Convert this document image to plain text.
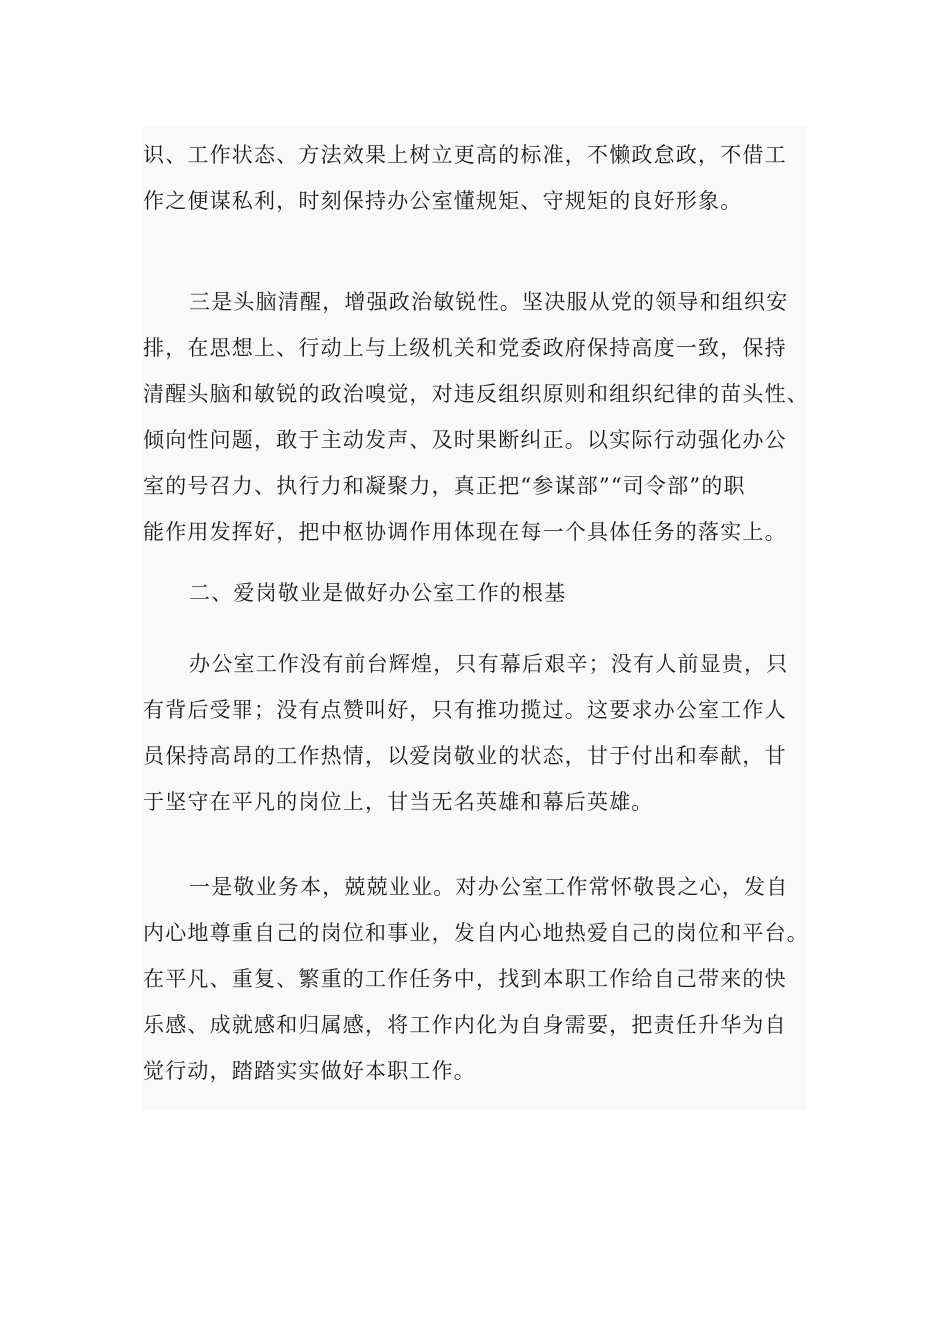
识、工作状态、方法效果上树立更高的标准，不懒政怠政，不借工
作之便谋私利，时刻保持办公室懂规矩、守规矩的良好形象。
三是头脑清醒，增强政治敏锐性。坚决服从党的领导和组织安
排，在思想上、行动上与上级机关和党委政府保持高度一致，保持
清醒头脑和敏锐的政治嗅觉，对违反组织原则和组织纪律的苗头性、
倾向性问题，敢于主动发声、及时果断纠正。以实际行动强化办公
室的号召力、执行力和凝聚力，真正把“参谋部”“司令部”的职
能作用发挥好，把中枢协调作用体现在每一个具体任务的落实上。
二、爱岗敬业是做好办公室工作的根基
办公室工作没有前台辉煌，只有幕后艰辛；没有人前显贵，只
有背后受罪；没有点赞叫好，只有推功揽过。这要求办公室工作人
员保持高昂的工作热情，以爱岗敬业的状态，甘于付出和奉献，甘
于坚守在平凡的岗位上，甘当无名英雄和幕后英雄。
一是敬业务本，兢兢业业。对办公室工作常怀敬畏之心，发自
内心地尊重自己的岗位和事业，发自内心地热爱自己的岗位和平台。
在平凡、重复、繁重的工作任务中，找到本职工作给自己带来的快
乐感、成就感和归属感，将工作内化为自身需要，把责任升华为自
觉行动，踏踏实实做好本职工作。
